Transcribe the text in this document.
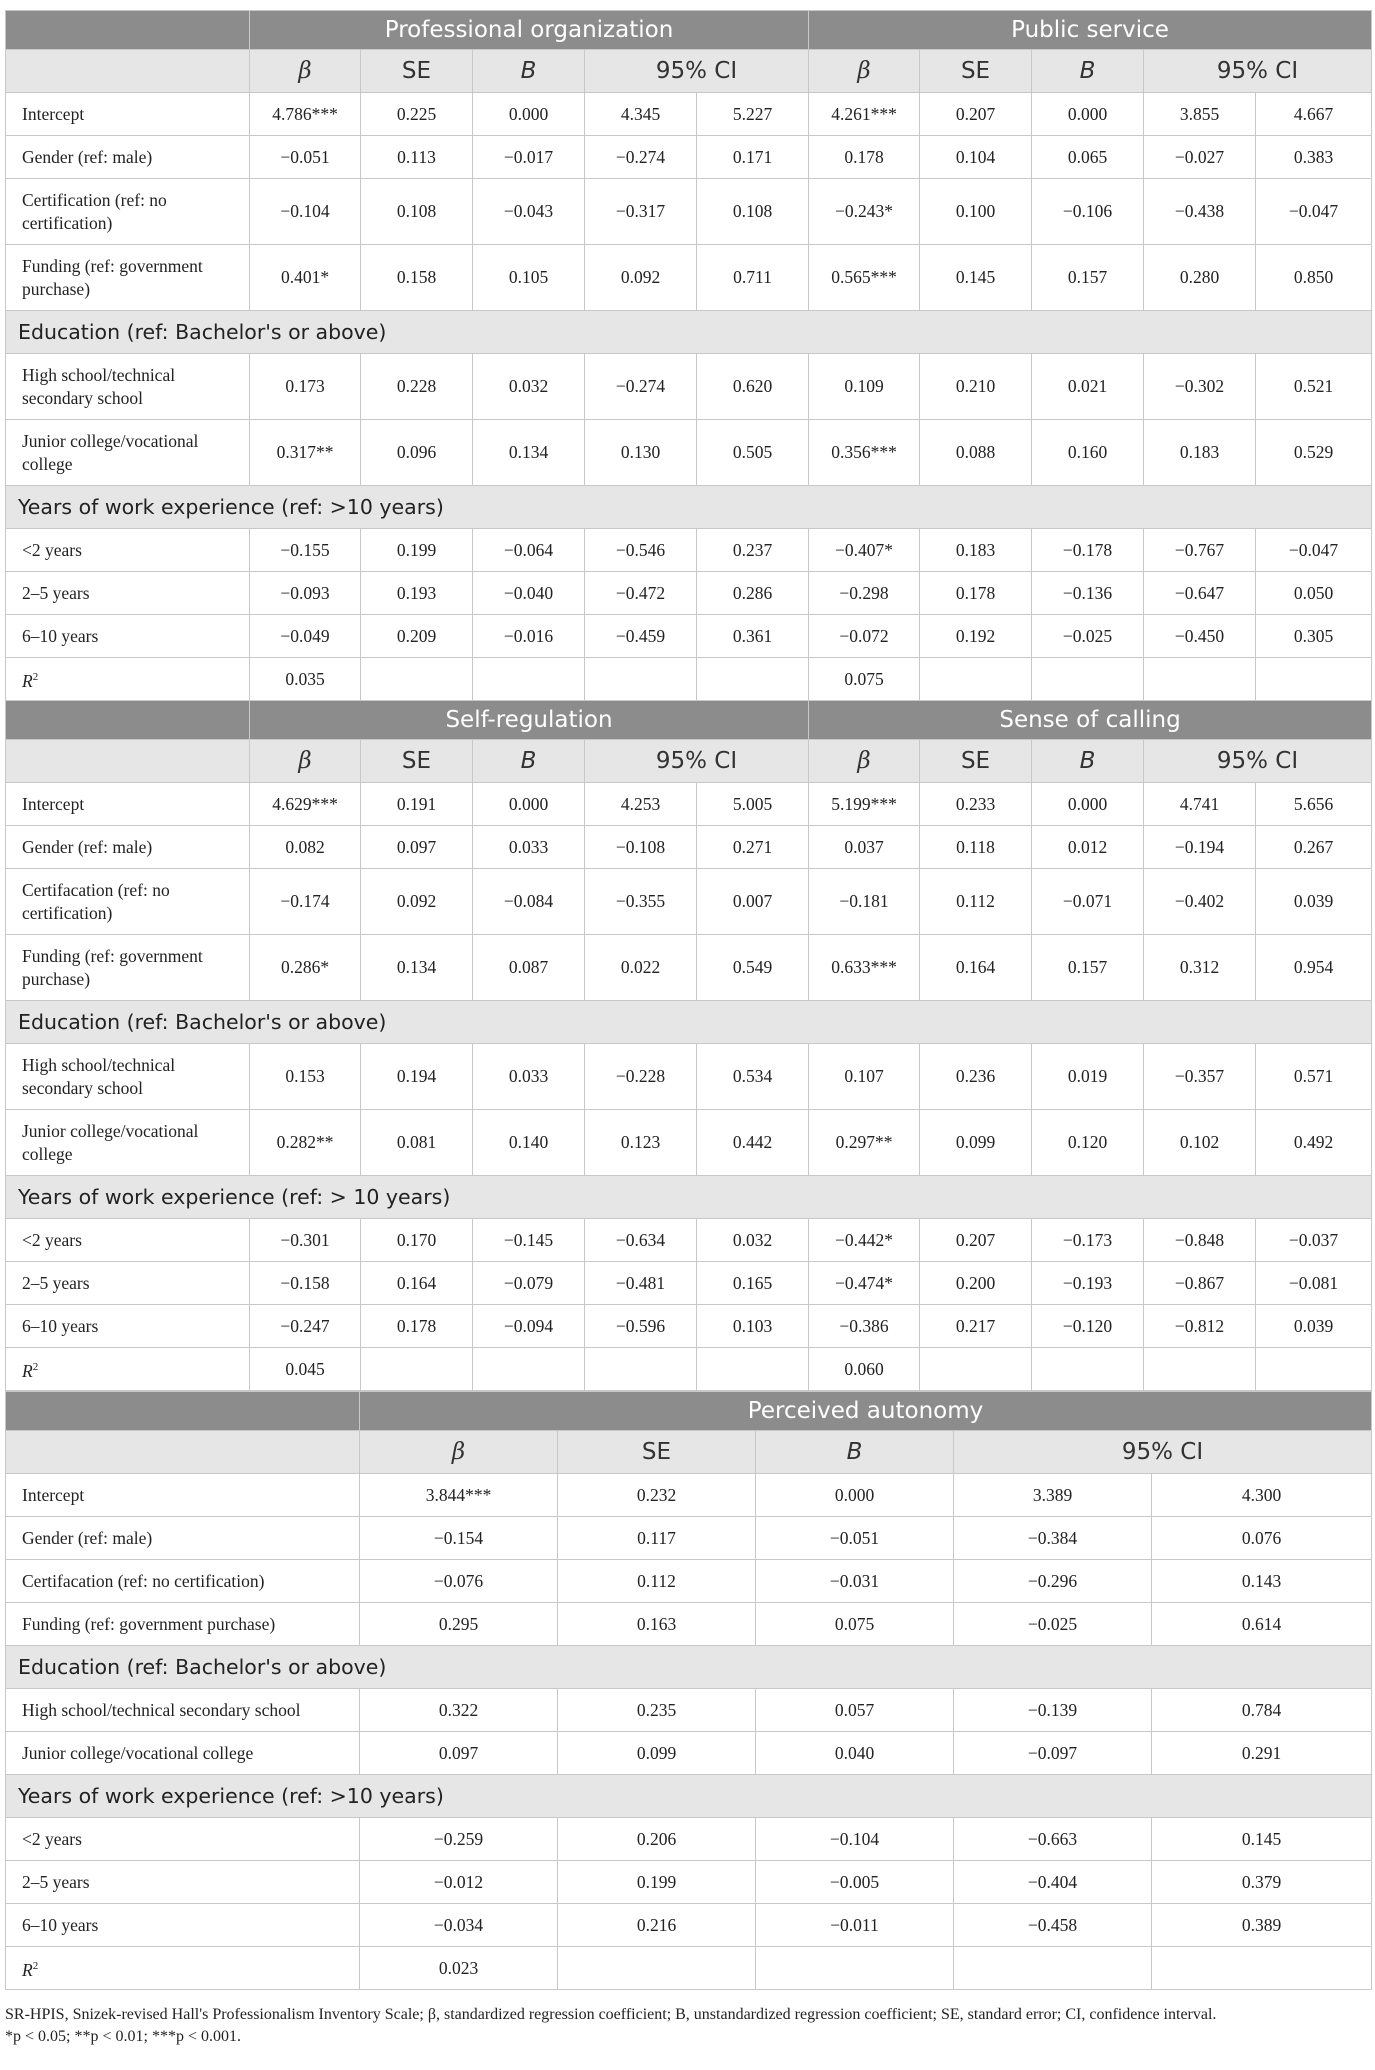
	Professional organization					Public service				
	β	SE	B	95% CI		β	SE	B	95% CI	
Intercept	4.786***	0.225	0.000	4.345	5.227	4.261***	0.207	0.000	3.855	4.667
Gender (ref: male)	−0.051	0.113	−0.017	−0.274	0.171	0.178	0.104	0.065	−0.027	0.383
Certification (ref: no certification)	−0.104	0.108	−0.043	−0.317	0.108	−0.243*	0.100	−0.106	−0.438	−0.047
Funding (ref: government purchase)	0.401*	0.158	0.105	0.092	0.711	0.565***	0.145	0.157	0.280	0.850
Education (ref: Bachelor's or above)										
High school/technical secondary school	0.173	0.228	0.032	−0.274	0.620	0.109	0.210	0.021	−0.302	0.521
Junior college/vocational college	0.317**	0.096	0.134	0.130	0.505	0.356***	0.088	0.160	0.183	0.529
Years of work experience (ref: >10 years)										
<2 years	−0.155	0.199	−0.064	−0.546	0.237	−0.407*	0.183	−0.178	−0.767	−0.047
2–5 years	−0.093	0.193	−0.040	−0.472	0.286	−0.298	0.178	−0.136	−0.647	0.050
6–10 years	−0.049	0.209	−0.016	−0.459	0.361	−0.072	0.192	−0.025	−0.450	0.305
$R^2$	0.035					0.075				
	Self-regulation					Sense of calling				
	β	SE	B	95% CI		β	SE	B	95% CI	
Intercept	4.629***	0.191	0.000	4.253	5.005	5.199***	0.233	0.000	4.741	5.656
Gender (ref: male)	0.082	0.097	0.033	−0.108	0.271	0.037	0.118	0.012	−0.194	0.267
Certifacation (ref: no certification)	−0.174	0.092	−0.084	−0.355	0.007	−0.181	0.112	−0.071	−0.402	0.039
Funding (ref: government purchase)	0.286*	0.134	0.087	0.022	0.549	0.633***	0.164	0.157	0.312	0.954
Education (ref: Bachelor's or above)										
High school/technical secondary school	0.153	0.194	0.033	−0.228	0.534	0.107	0.236	0.019	−0.357	0.571
Junior college/vocational college	0.282**	0.081	0.140	0.123	0.442	0.297**	0.099	0.120	0.102	0.492
Years of work experience (ref: > 10 years)										
<2 years	−0.301	0.170	−0.145	−0.634	0.032	−0.442*	0.207	−0.173	−0.848	−0.037
2–5 years	−0.158	0.164	−0.079	−0.481	0.165	−0.474*	0.200	−0.193	−0.867	−0.081
6–10 years	−0.247	0.178	−0.094	−0.596	0.103	−0.386	0.217	−0.120	−0.812	0.039
$R^2$	0.045					0.060				
	Perceived autonomy				
	β	SE	B	95% CI	
Intercept	3.844***	0.232	0.000	3.389	4.300
Gender (ref: male)	−0.154	0.117	−0.051	−0.384	0.076
Certifacation (ref: no certification)	−0.076	0.112	−0.031	−0.296	0.143
Funding (ref: government purchase)	0.295	0.163	0.075	−0.025	0.614
Education (ref: Bachelor's or above)					
High school/technical secondary school	0.322	0.235	0.057	−0.139	0.784
Junior college/vocational college	0.097	0.099	0.040	−0.097	0.291
Years of work experience (ref: >10 years)					
<2 years	−0.259	0.206	−0.104	−0.663	0.145
2–5 years	−0.012	0.199	−0.005	−0.404	0.379
6–10 years	−0.034	0.216	−0.011	−0.458	0.389
$R^2$	0.023				

SR-HPIS, Snizek-revised Hall's Professionalism Inventory Scale; β, standardized regression coefficient; B, unstandardized regression coefficient; SE, standard error; CI, confidence interval.

*p < 0.05; **p < 0.01; ***p < 0.001.
